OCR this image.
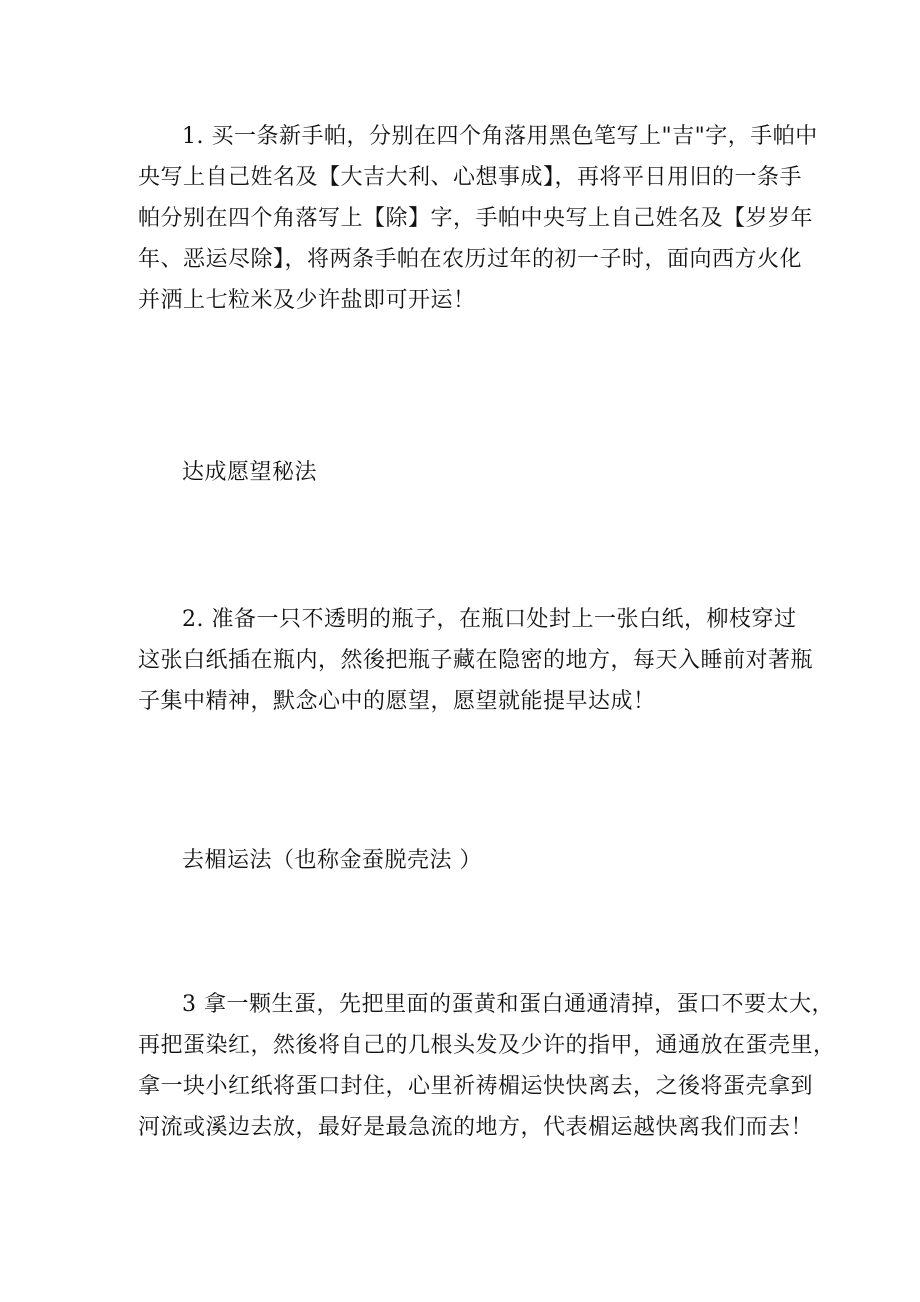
1. 买一条新手帕，分别在四个角落用黑色笔写上"吉"字，手帕中
央写上自己姓名及【大吉大利、心想事成】，再将平日用旧的一条手
帕分别在四个角落写上【除】字，手帕中央写上自己姓名及【岁岁年
年、恶运尽除】，将两条手帕在农历过年的初一子时，面向西方火化
并洒上七粒米及少许盐即可开运！

达成愿望秘法

2. 准备一只不透明的瓶子，在瓶口处封上一张白纸，柳枝穿过
这张白纸插在瓶内，然後把瓶子藏在隐密的地方，每天入睡前对著瓶
子集中精神，默念心中的愿望，愿望就能提早达成！

去楣运法（也称金蚕脱壳法 ）

3 拿一颗生蛋，先把里面的蛋黄和蛋白通通清掉，蛋口不要太大，
再把蛋染红，然後将自己的几根头发及少许的指甲，通通放在蛋壳里，
拿一块小红纸将蛋口封住，心里祈祷楣运快快离去，之後将蛋壳拿到
河流或溪边去放，最好是最急流的地方，代表楣运越快离我们而去！
